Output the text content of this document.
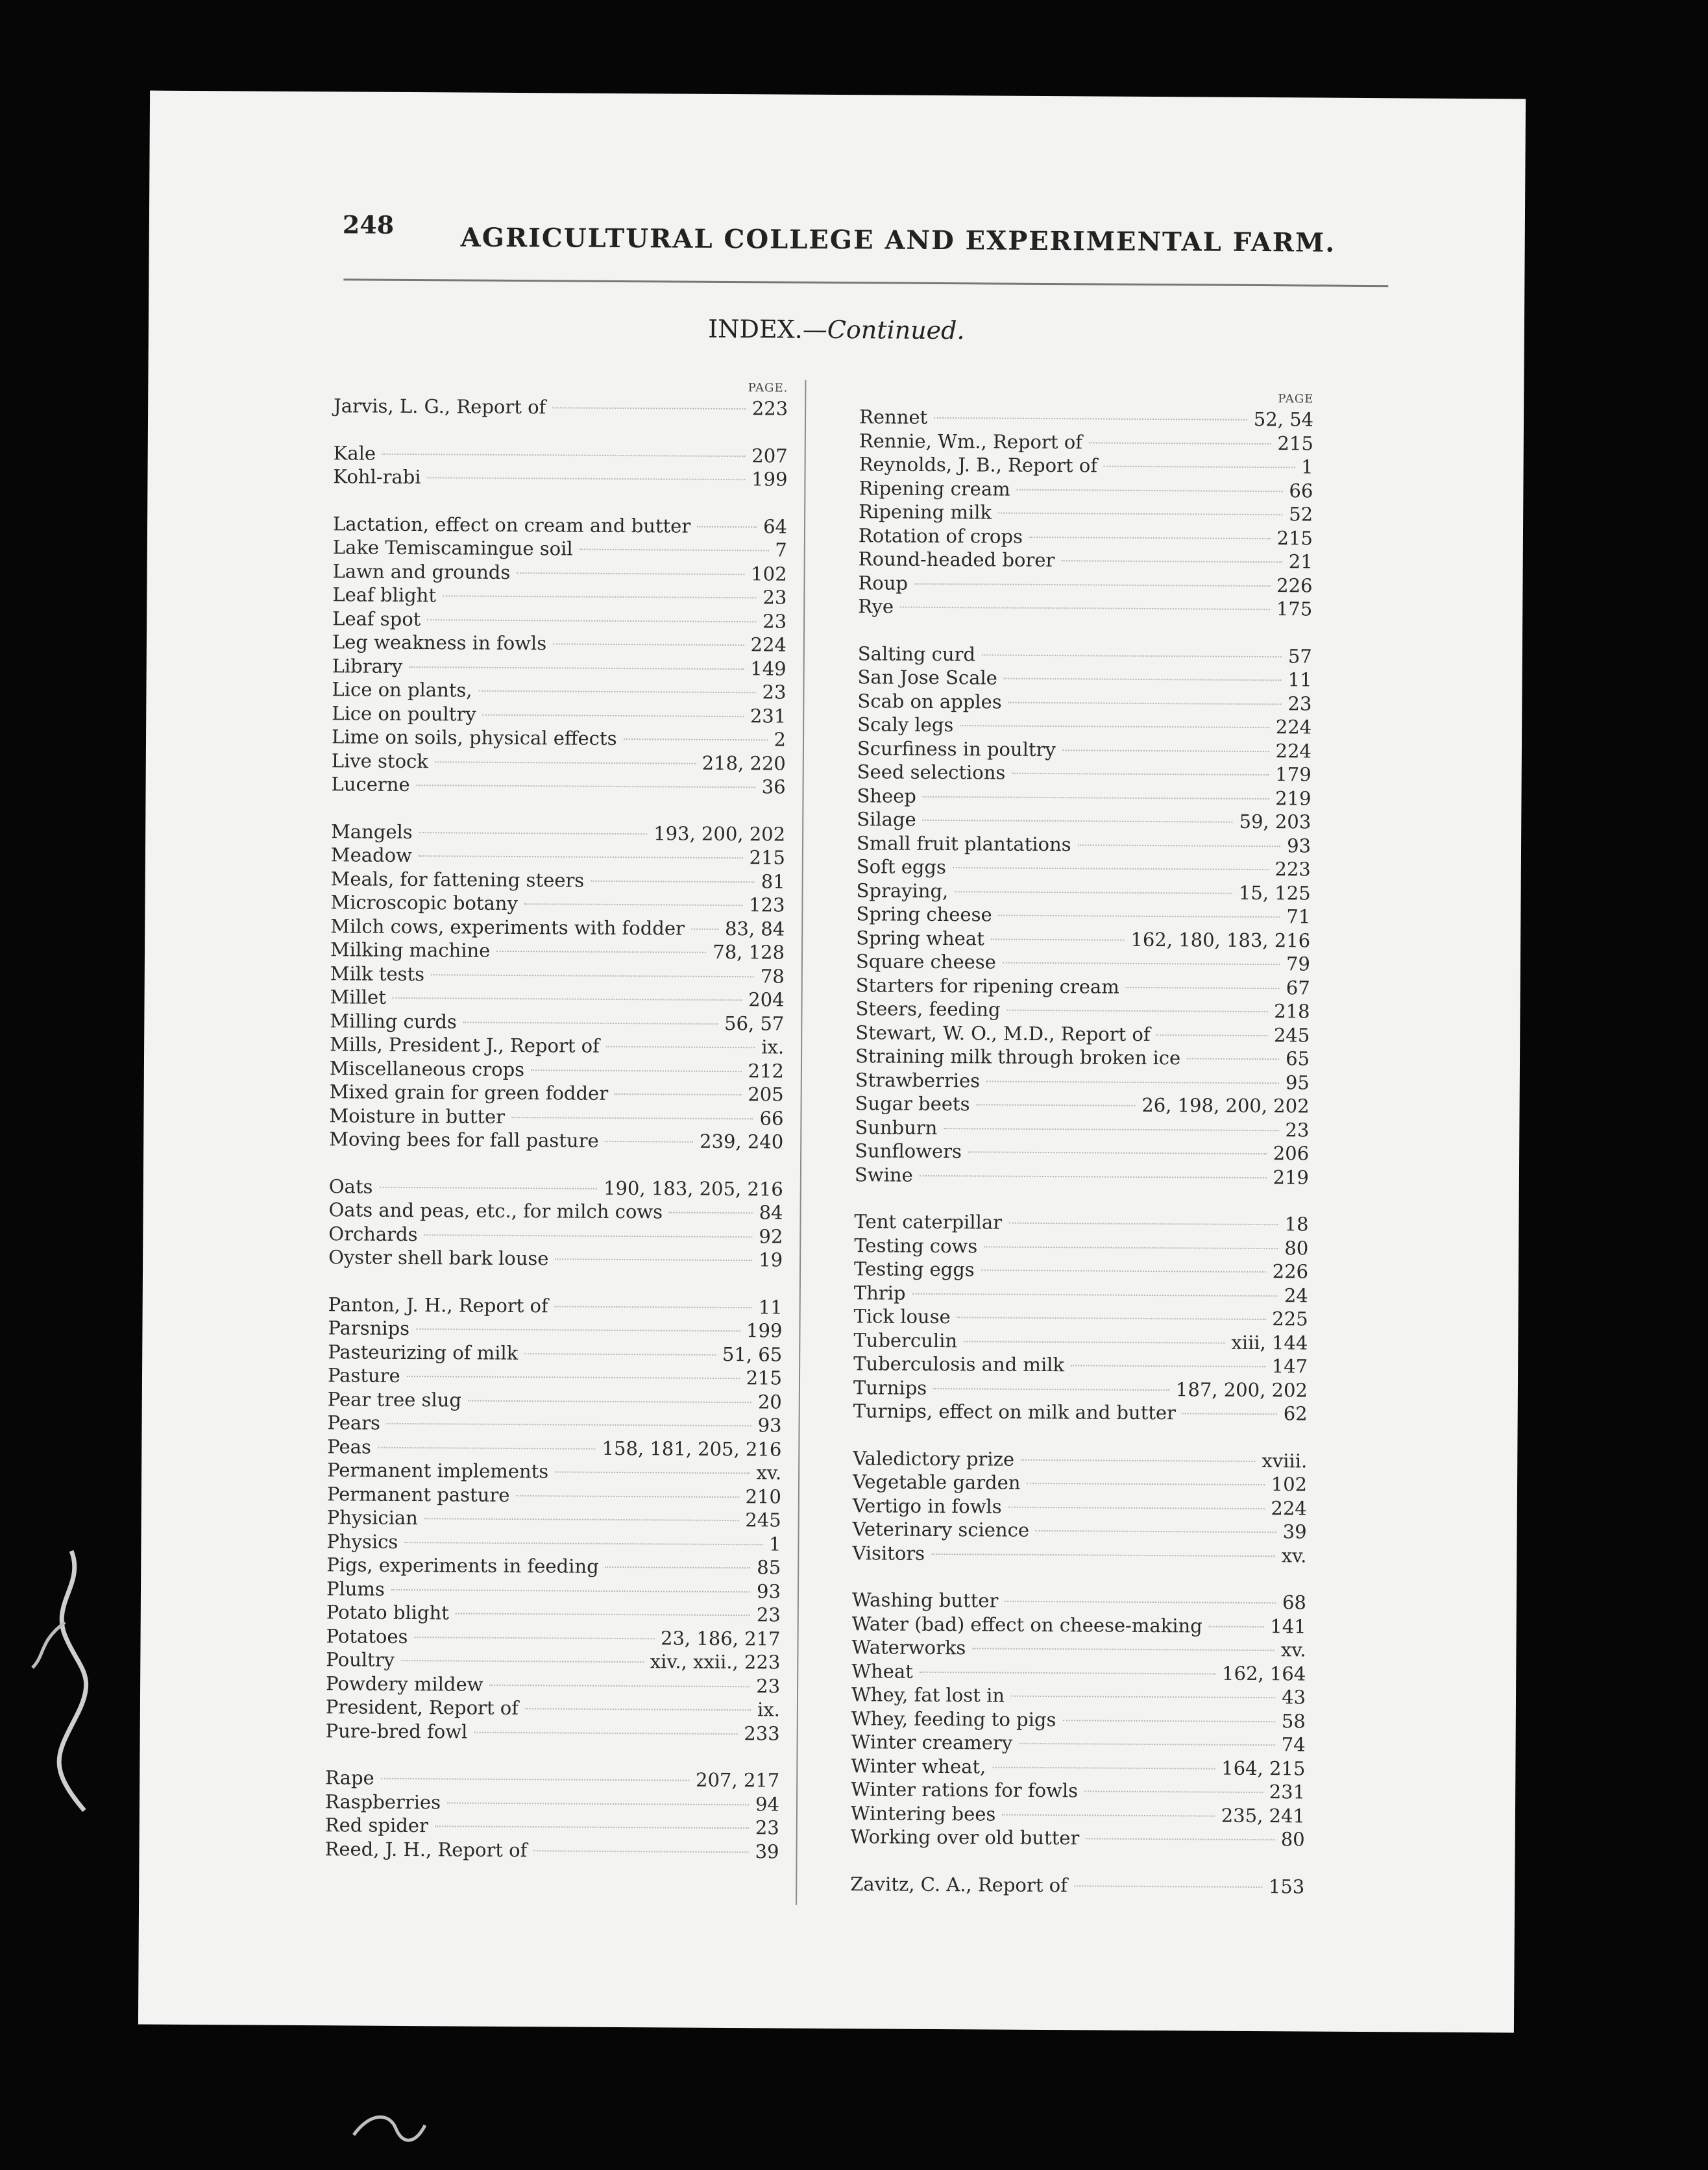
248	AGRICULTURAL COLLEGE AND EXPERIMENTAL FARM.
INDEX.—Continued.
PAGE.
Jarvis, L. G., Report of	223
Kale	207
Kohl-rabi	199
Lactation, effect on cream and butter	64
Lake Temiscamingue soil	7
Lawn and grounds	102
Leaf blight	23
Leaf spot	23
Leg weakness in fowls	224
Library	149
Lice on plants,	23
Lice on poultry	231
Lime on soils, physical effects	2
Live stock	218, 220
Lucerne	36
Mangels	193, 200, 202
Meadow	215
Meals, for fattening steers	81
Microscopic botany	123
Milch cows, experiments with fodder 83, 84
Milking machine	78, 128
Milk tests	78
Millet	204
Milling curds	56, 57
Mills, President J., Report of	ix.
Miscellaneous crops	212
Mixed grain for green fodder	205
Moisture in butter	66
Moving bees for fall pasture	239, 240
Oats	190, 183, 205, 216
Oats and peas, etc., for milch cows	84
Orchards	92
Oyster shell bark louse	19
Panton, J. H., Report of	11
Parsnips	199
Pasteurizing of milk	51, 65
Pasture	215
Pear tree slug	20
Pears	93
Peas	158, 181, 205, 216
Permanent implements	xv.
Permanent pasture	210
Physician	245
Physics	1
Pigs, experiments in feeding	85
Plums	93
Potato blight	23
Potatoes	23, 186, 217
Poultry	xiv., xxii., 223
Powdery mildew	23
President, Report of	ix.
Pure-bred fowl	233
Rape	207, 217
Raspberries	94
Red spider	23
Reed, J. H., Report of	39
PAGE
Rennet	52, 54
Rennie, Wm., Report of	215
Reynolds, J. B., Report of	1
Ripening cream	66
Ripening milk	52
Rotation of crops	215
Round-headed borer	21
Roup	226
Rye	175
Salting curd	57
San Jose Scale	11
Scab on apples	23
Scaly legs	224
Scurfiness in poultry	224
Seed selections	179
Sheep	219
Silage	59, 203
Small fruit plantations	93
Soft eggs	223
Spraying,	15, 125
Spring cheese	71
Spring wheat	162, 180, 183, 216
Square cheese	79
Starters for ripening cream	67
Steers, feeding	218
Stewart, W. O., M.D., Report of	245
Straining milk through broken ice	65
Strawberries	95
Sugar beets	26, 198, 200, 202
Sunburn	23
Sunflowers	206
Swine	219
Tent caterpillar	18
Testing cows	80
Testing eggs	226
Thrip	24
Tick louse	225
Tuberculin	xiii, 144
Tuberculosis and milk	147
Turnips	187, 200, 202
Turnips, effect on milk and butter	62
Valedictory prize	xviii.
Vegetable garden	102
Vertigo in fowls	224
Veterinary science	39
Visitors	xv.
Washing butter	68
Water (bad) effect on cheese-making	141
Waterworks	xv.
Wheat	162, 164
Whey, fat lost in	43
Whey, feeding to pigs	58
Winter creamery	74
Winter wheat,	164, 215
Winter rations for fowls	231
Wintering bees	235, 241
Working over old butter	80
Zavitz, C. A., Report of	153
